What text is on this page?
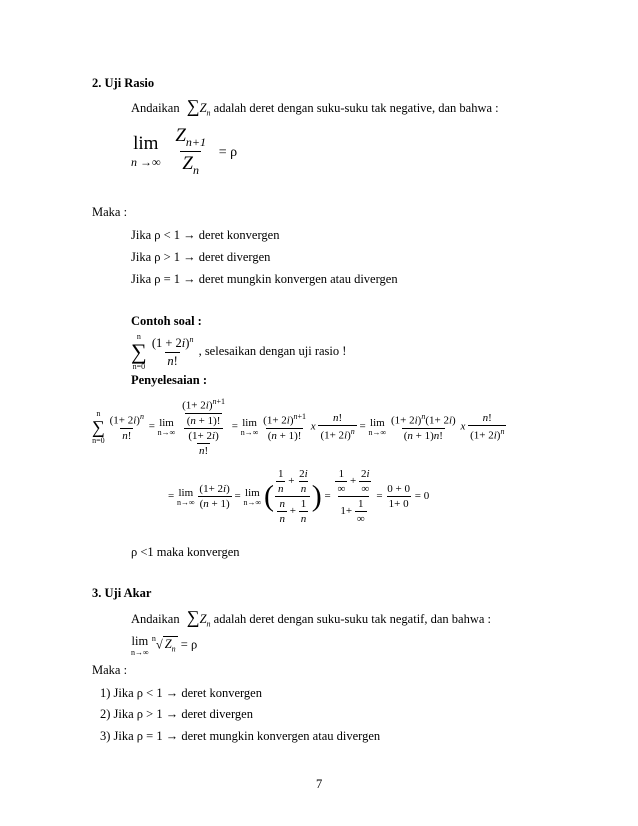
2. Uji Rasio
Andaikan $\sum Z_n$ adalah deret dengan suku-suku tak negative, dan bahwa :
lim
n →∞
$\frac{Z_{n+1}}{Z_n} = \rho$
Maka :
Jika ρ < 1 → deret konvergen
Jika ρ > 1 → deret divergen
Jika ρ = 1 → deret mungkin konvergen atau divergen
Contoh soal :
n
∑
n=0
$\frac{(1 + 2i)^n}{n!}$ , selesaikan dengan uji rasio !
Penyelesaian :
n
∑
n=0
$\frac{(1+ 2i)^n}{n!} = \lim$
n→∞
$\frac{\frac{(1+ 2i)^{n+1}}{(n + 1)!}}{\frac{(1+ 2i)}{n!}} = \lim$
n→∞
$\frac{(1+ 2i)^{n+1}}{(n + 1)!}$ x $\frac{n!}{(1+ 2i)^n} = \lim$
n→∞
$\frac{(1+ 2i)^n(1+ 2i)}{(n + 1)n!}$ x $\frac{n!}{(1+ 2i)^n}$
= lim
n→∞
$\frac{(1+ 2i)}{(n + 1)} = \lim$
n→∞ ( $\frac{\frac{1}{n} + \frac{2i}{n}}{\frac{n}{n} + \frac{1}{n}}$ ) = $\frac{\frac{1}{\infty} + \frac{2i}{\infty}}{1+ \frac{1}{\infty}} = \frac{0 + 0}{1+ 0} = 0$
ρ <1 maka konvergen
3. Uji Akar
Andaikan $\sum Z_n$ adalah deret dengan suku-suku tak negatif, dan bahwa :
lim
n→∞
$^n$√ $Z_n = \rho$
Maka :
1) Jika ρ < 1 → deret konvergen
2) Jika ρ > 1 → deret divergen
3) Jika ρ = 1 → deret mungkin konvergen atau divergen
7
